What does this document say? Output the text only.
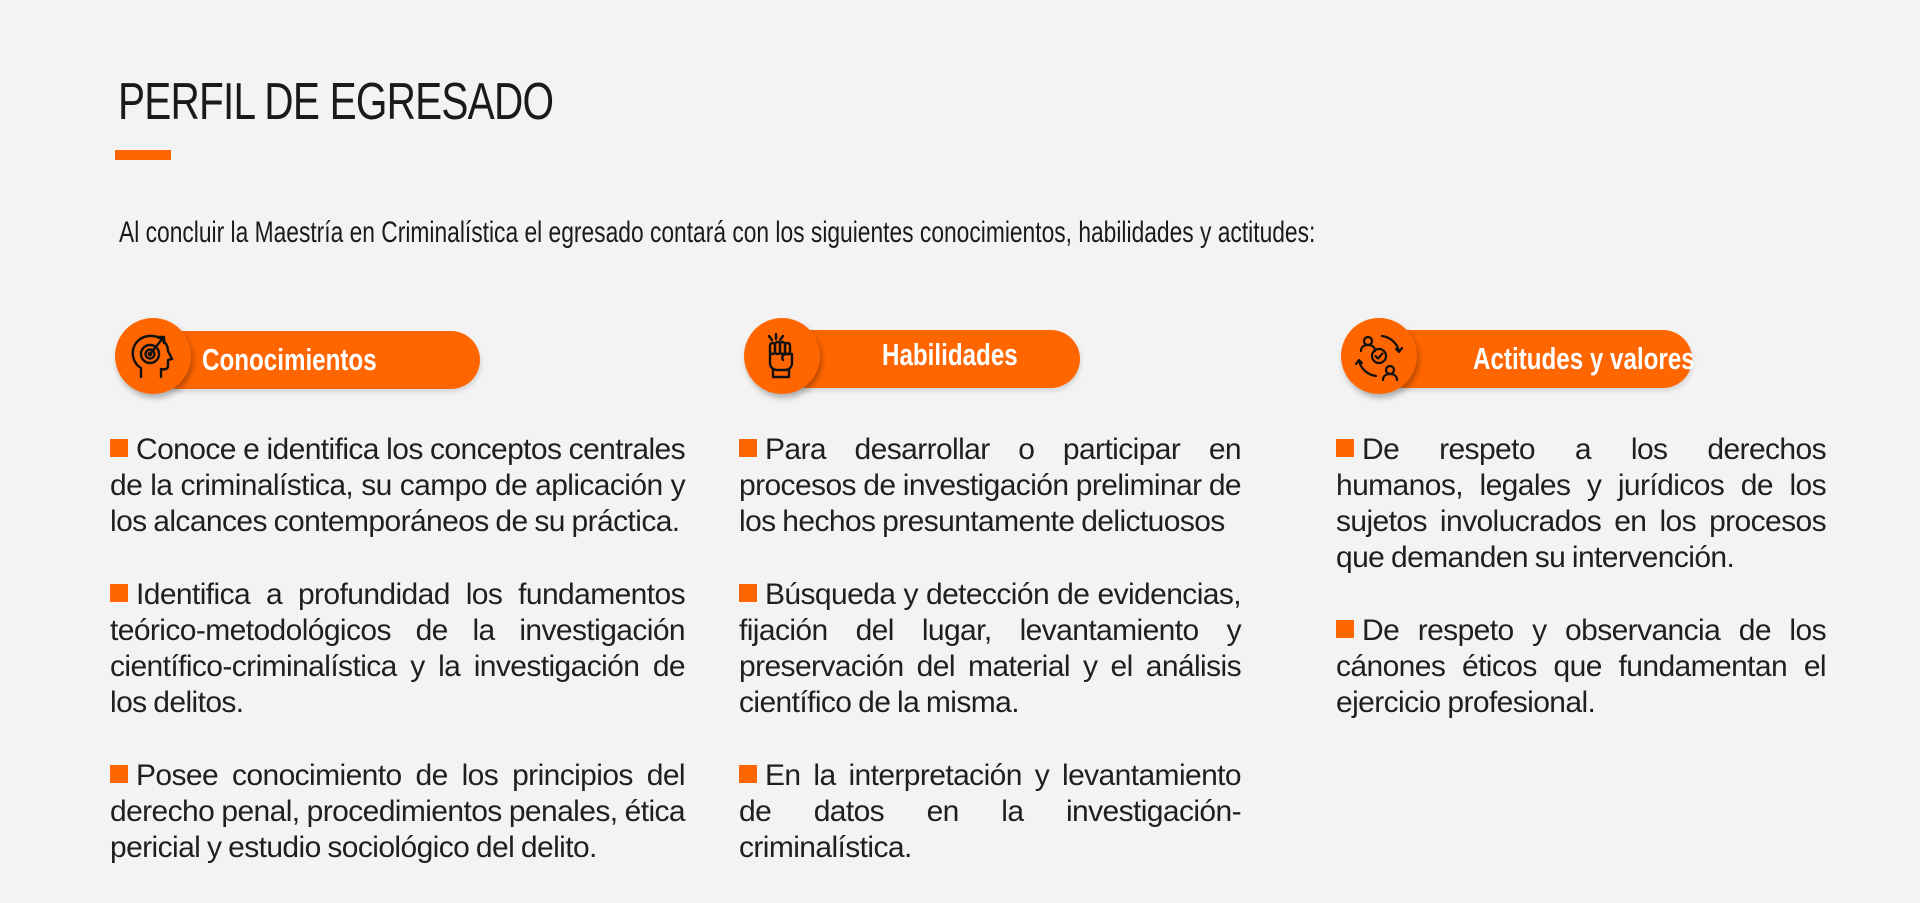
PERFIL DE EGRESADO

Al concluir la Maestría en Criminalística el egresado contará con los siguientes conocimientos, habilidades y actitudes:

Conocimientos

Conoce e identifica los conceptos centrales de la criminalística, su campo de aplicación y los alcances contemporáneos de su práctica.

Identifica a profundidad los fundamentos teórico-metodológicos de la investigación científico-criminalística y la investigación de los delitos.

Posee conocimiento de los principios del derecho penal, procedimientos penales, ética pericial y estudio sociológico del delito.

Habilidades

Para desarrollar o participar en procesos de investigación preliminar de los hechos presuntamente delictuosos

Búsqueda y detección de evidencias, fijación del lugar, levantamiento y preservación del material y el análisis científico de la misma.

En la interpretación y levantamiento de datos en la investigación- criminalística.

Actitudes y valores

De respeto a los derechos humanos, legales y jurídicos de los sujetos involucrados en los procesos que demanden su intervención.

De respeto y observancia de los cánones éticos que fundamentan el ejercicio profesional.
